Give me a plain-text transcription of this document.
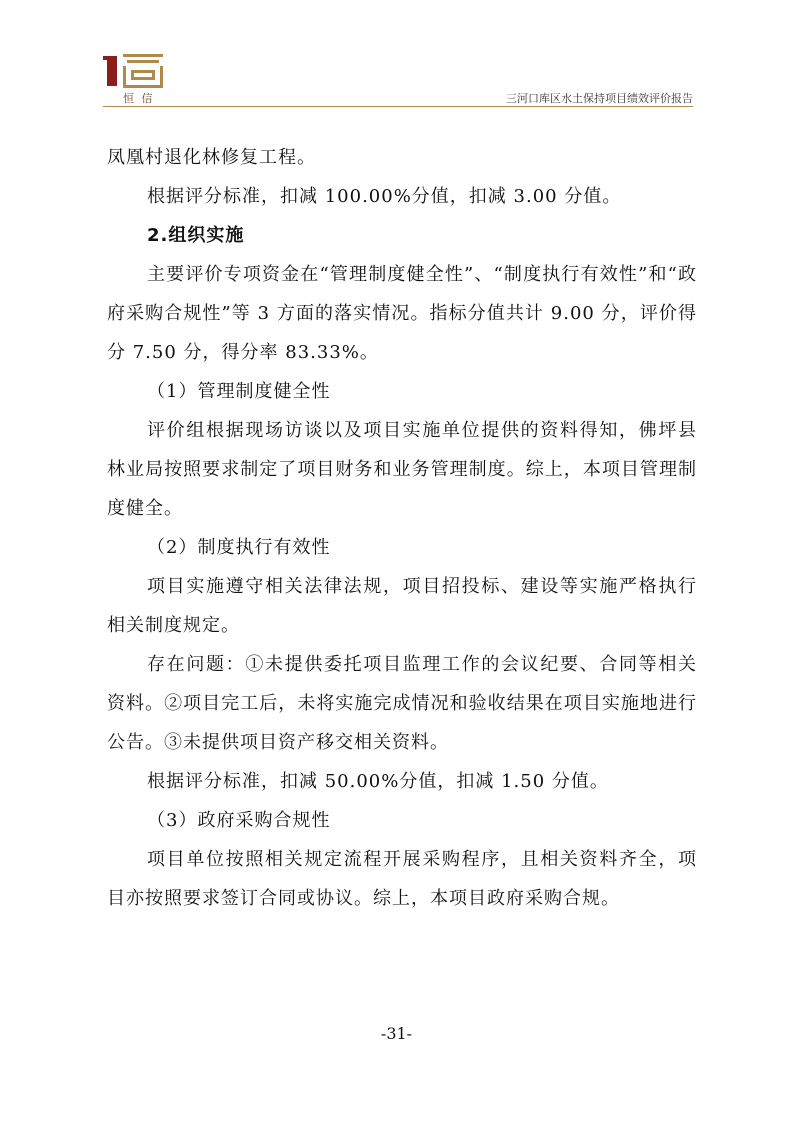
恒 信	三河口库区水土保持项目绩效评价报告

凤凰村退化林修复工程。

根据评分标准，扣减 100.00%分值，扣减 3.00 分值。

2.组织实施

主要评价专项资金在“管理制度健全性”、“制度执行有效性”和“政府采购合规性”等 3 方面的落实情况。指标分值共计 9.00 分，评价得分 7.50 分，得分率 83.33%。

（1）管理制度健全性

评价组根据现场访谈以及项目实施单位提供的资料得知，佛坪县林业局按照要求制定了项目财务和业务管理制度。综上，本项目管理制度健全。

（2）制度执行有效性

项目实施遵守相关法律法规，项目招投标、建设等实施严格执行相关制度规定。

存在问题：①未提供委托项目监理工作的会议纪要、合同等相关资料。②项目完工后，未将实施完成情况和验收结果在项目实施地进行公告。③未提供项目资产移交相关资料。

根据评分标准，扣减 50.00%分值，扣减 1.50 分值。

（3）政府采购合规性

项目单位按照相关规定流程开展采购程序，且相关资料齐全，项目亦按照要求签订合同或协议。综上，本项目政府采购合规。

-31-
